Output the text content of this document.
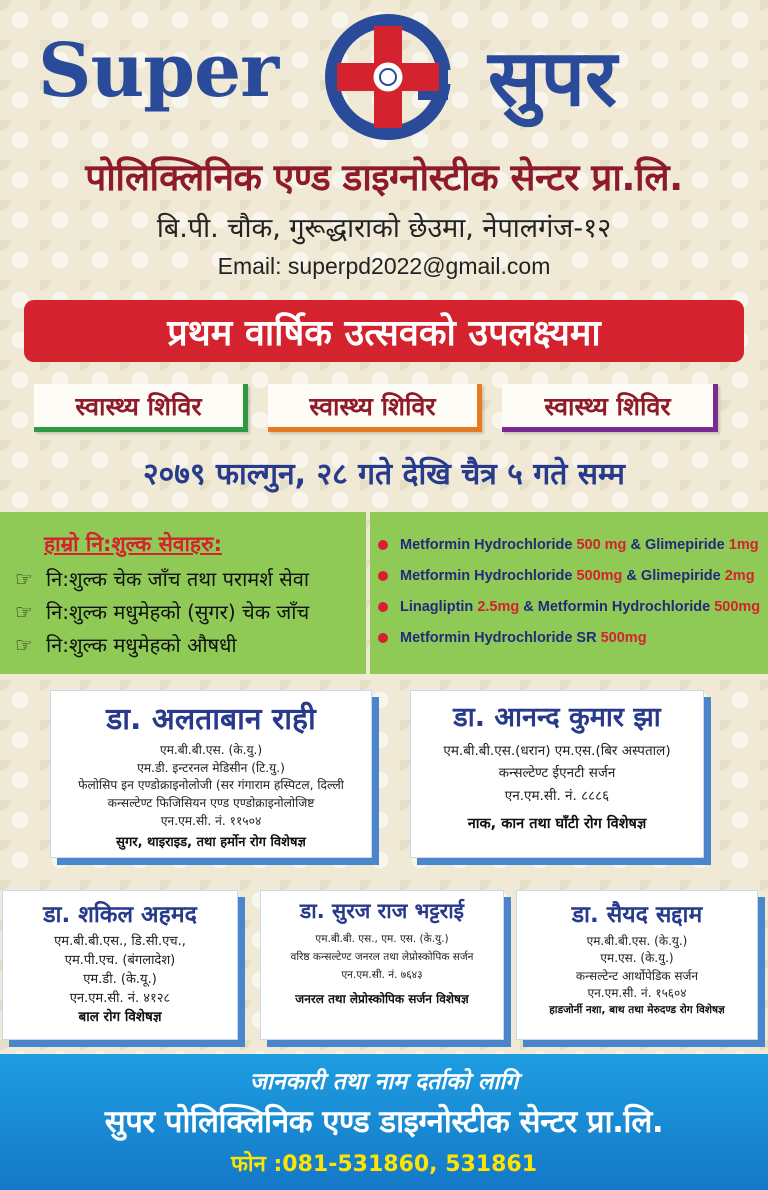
Super	सुपर
पोलिक्लिनिक एण्ड डाइग्नोस्टीक सेन्टर प्रा.लि.
बि.पी. चौक, गुरूद्धाराको छेउमा, नेपालगंज-१२
Email: superpd2022@gmail.com
प्रथम वार्षिक उत्सवको उपलक्ष्यमा
स्वास्थ्य शिविर	स्वास्थ्य शिविर	स्वास्थ्य शिविर
२०७९ फाल्गुन, २८ गते देखि चैत्र ५ गते सम्म
हाम्रो नि:शुल्क सेवाहरु:
☞ नि:शुल्क चेक जाँच तथा परामर्श सेवा
☞ नि:शुल्क मधुमेहको (सुगर) चेक जाँच
☞ नि:शुल्क मधुमेहको औषधी
Metformin Hydrochloride
500 mg
& Glimepiride
1mg
Metformin Hydrochloride
500mg
& Glimepiride
2mg
Linagliptin
2.5mg
& Metformin Hydrochloride
500mg
Metformin Hydrochloride SR
500mg
डा. अलताबान राही
एम.बी.बी.एस. (के.यु.)
एम.डी. इन्टरनल मेडिसीन (टि.यु.)
फेलोसिप इन एण्डोक्राइनोलोजी (सर गंगाराम हस्पिटल, दिल्ली
कन्सल्टेण्ट फिजिसियन एण्ड एण्डोक्राइनोलोजिष्ट
एन.एम.सी. नं. ११५०४
सुगर, थाइराइड, तथा हर्मोन रोग विशेषज्ञ
डा. आनन्द कुमार झा
एम.बी.बी.एस.(धरान) एम.एस.(बिर अस्पताल)
कन्सल्टेण्ट ईएनटी सर्जन
एन.एम.सी. नं. ८८८६
नाक, कान तथा घाँटी रोग विशेषज्ञ
डा. शकिल अहमद
एम.बी.बी.एस., डि.सी.एच.,
एम.पी.एच. (बंगलादेश)
एम.डी. (के.यू.)
एन.एम.सी. नं. ४१२८
बाल रोग विशेषज्ञ
डा. सुरज राज भट्टराई
एम.बी.बी. एस., एम. एस. (के.यु.)
वरिष्ठ कन्सल्टेण्ट जनरल तथा लेप्रोस्कोपिक सर्जन
एन.एम.सी. नं. ७६४३
जनरल तथा लेप्रोस्कोपिक सर्जन विशेषज्ञ
डा. सैयद सद्दाम
एम.बी.बी.एस. (के.यु.)
एम.एस. (के.यु.)
कन्सल्टेन्ट आर्थोपेडिक सर्जन
एन.एम.सी. नं. १५६०४
हाडजोर्नी नशा, बाथ तथा मेरुदण्ड रोग विशेषज्ञ
जानकारी तथा नाम दर्ताको लागि
सुपर पोलिक्लिनिक एण्ड डाइग्नोस्टीक सेन्टर प्रा.लि.
फोन :081-531860, 531861
